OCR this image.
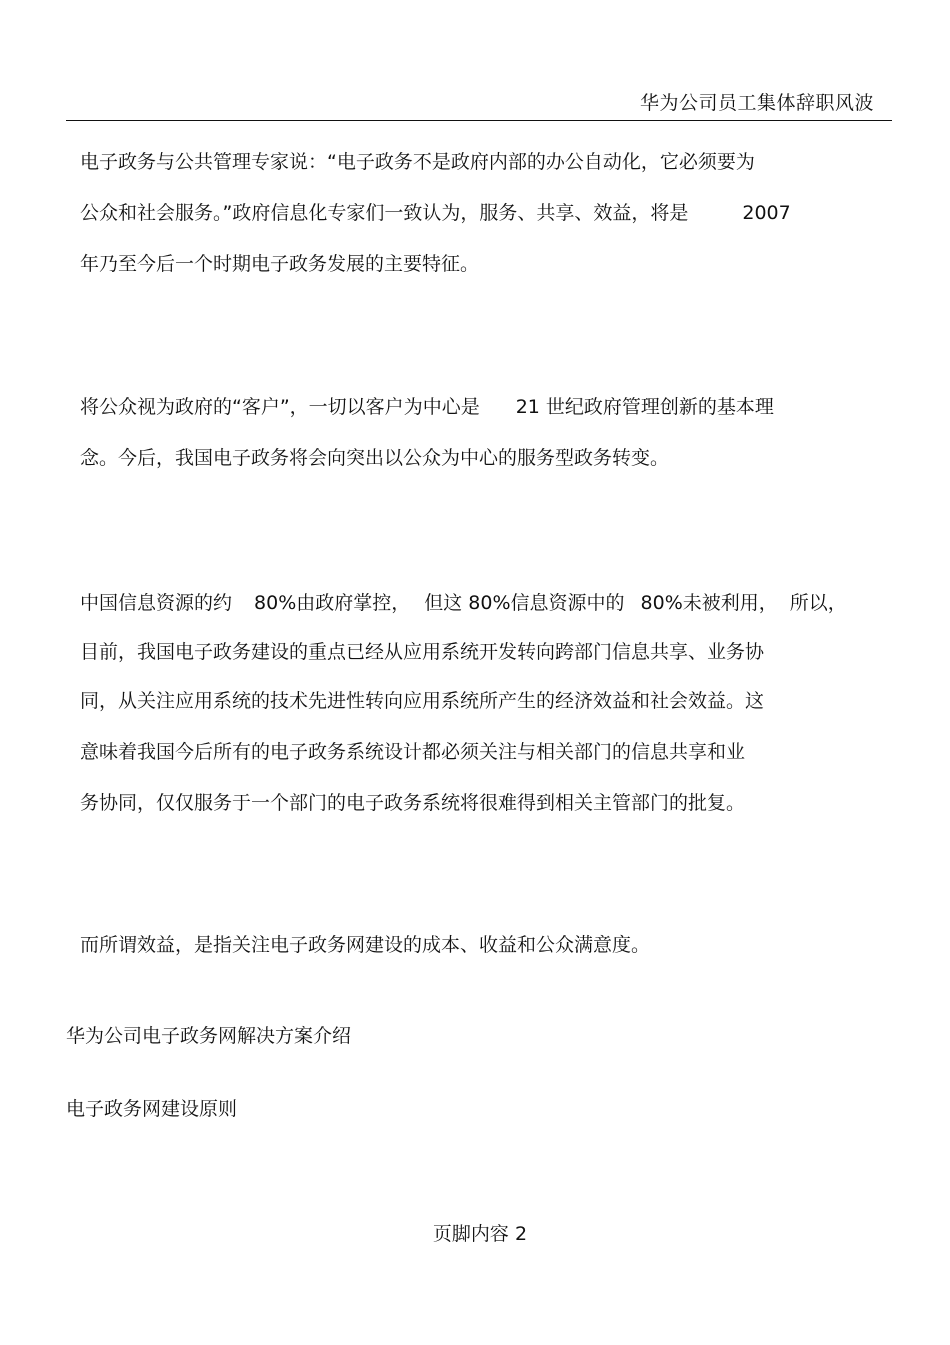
华为公司员工集体辞职风波
电子政务与公共管理专家说：“电子政务不是政府内部的办公自动化，它必须要为
公众和社会服务。”政府信息化专家们一致认为，服务、共享、效益，将是	2007
年乃至今后一个时期电子政务发展的主要特征。
将公众视为政府的“客户”，一切以客户为中心是 21 世纪政府管理创新的基本理
念。今后，我国电子政务将会向突出以公众为中心的服务型政务转变。
中国信息资源的约 80%由政府掌控， 但这 80%信息资源中的 80%未被利用， 所以，
目前，我国电子政务建设的重点已经从应用系统开发转向跨部门信息共享、业务协
同，从关注应用系统的技术先进性转向应用系统所产生的经济效益和社会效益。这
意味着我国今后所有的电子政务系统设计都必须关注与相关部门的信息共享和业
务协同，仅仅服务于一个部门的电子政务系统将很难得到相关主管部门的批复。
而所谓效益，是指关注电子政务网建设的成本、收益和公众满意度。
华为公司电子政务网解决方案介绍
电子政务网建设原则
页脚内容 2
